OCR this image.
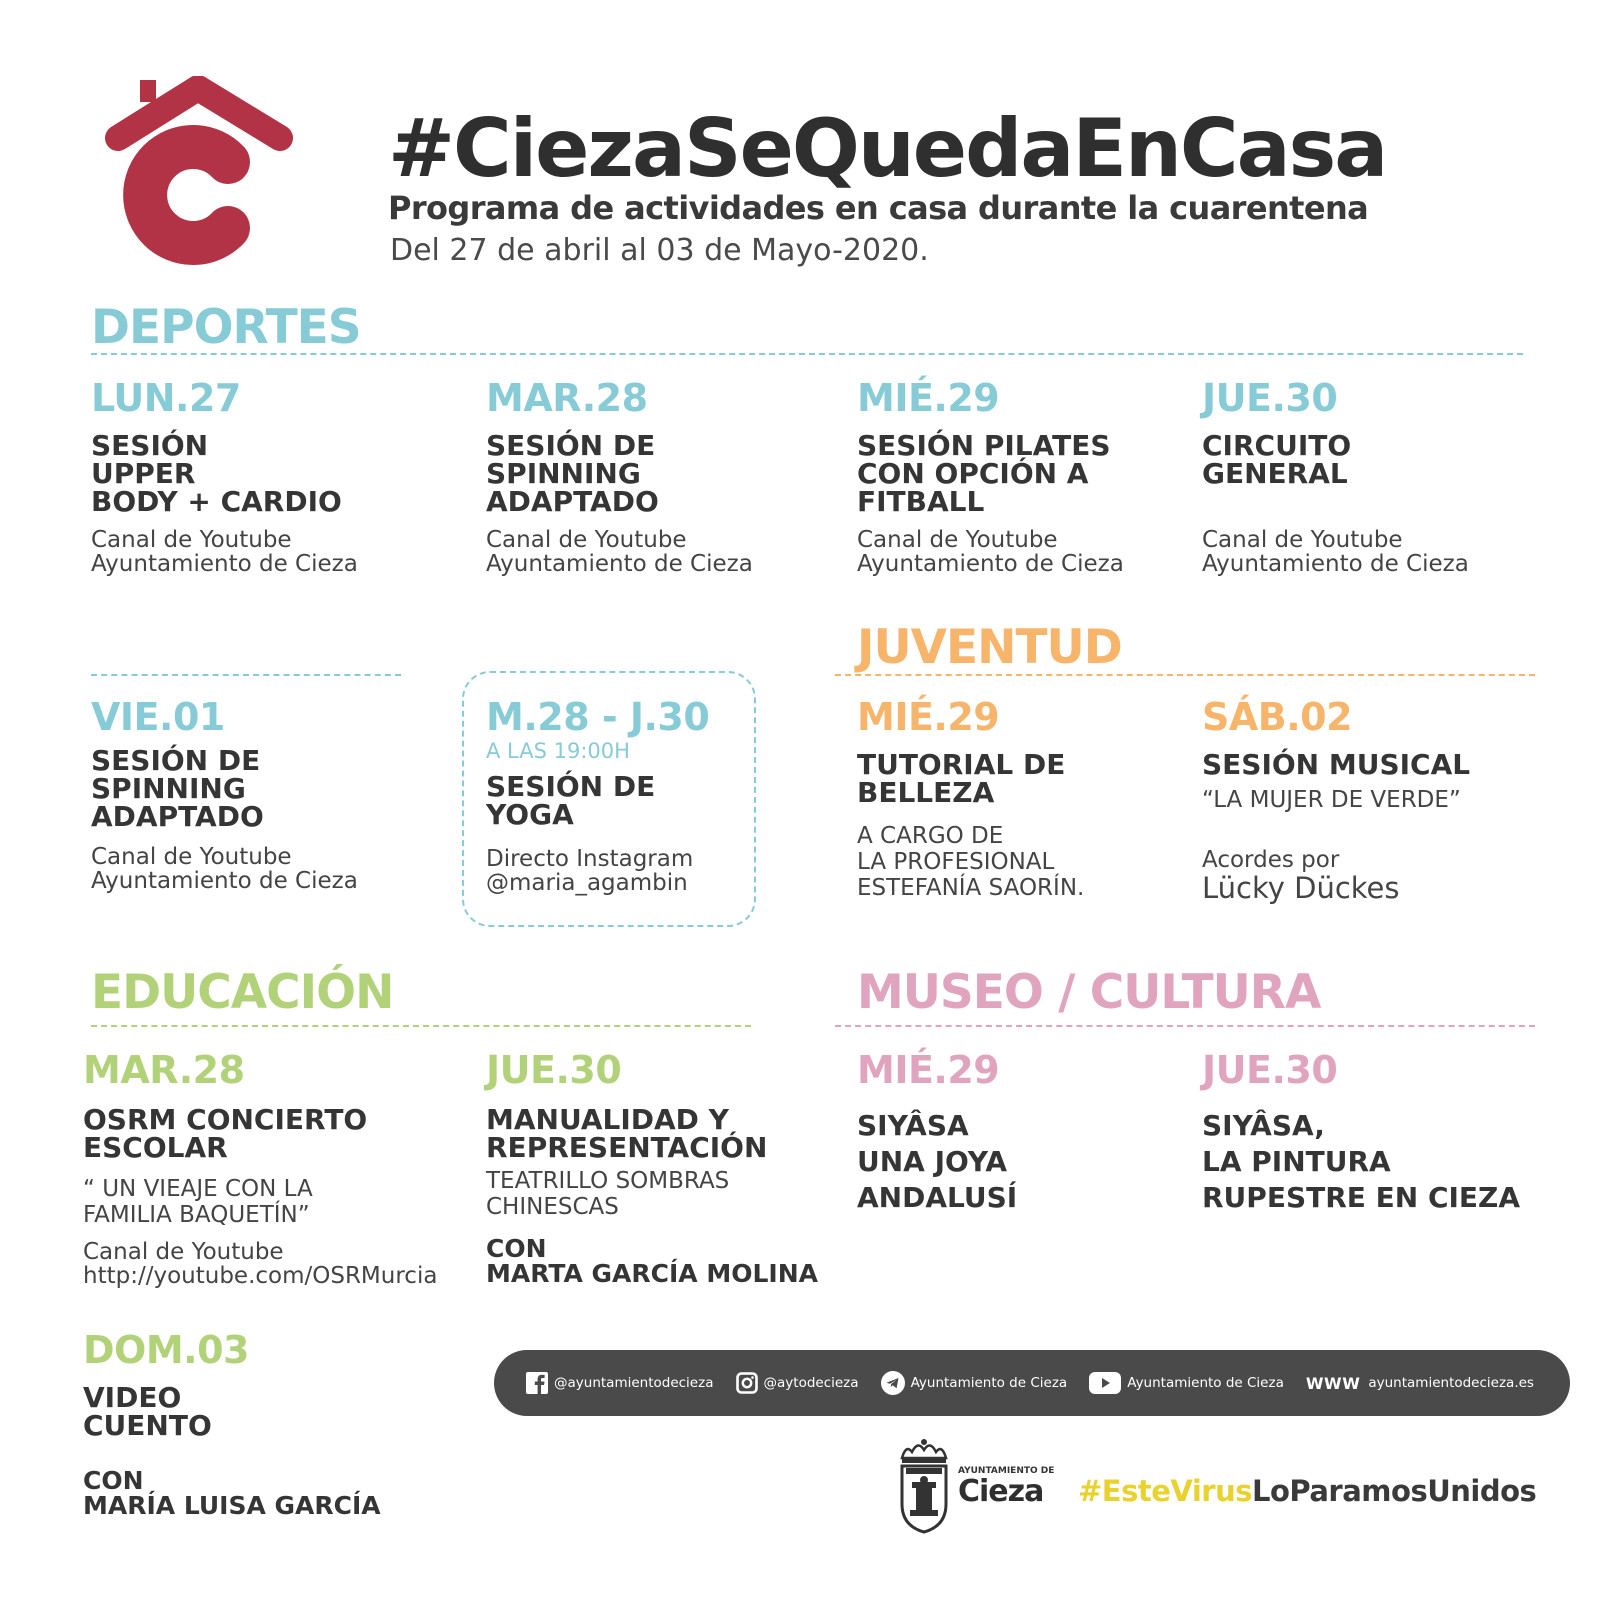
#CiezaSeQuedaEnCasa
Programa de actividades en casa durante la cuarentena
Del 27 de abril al 03 de Mayo-2020.
DEPORTES
LUN.27
SESIÓN
UPPER
BODY + CARDIO
Canal de Youtube
Ayuntamiento de Cieza
MAR.28
SESIÓN DE
SPINNING
ADAPTADO
Canal de Youtube
Ayuntamiento de Cieza
MIÉ.29
SESIÓN PILATES
CON OPCIÓN A
FITBALL
Canal de Youtube
Ayuntamiento de Cieza
JUE.30
CIRCUITO
GENERAL
Canal de Youtube
Ayuntamiento de Cieza
VIE.01
SESIÓN DE
SPINNING
ADAPTADO
Canal de Youtube
Ayuntamiento de Cieza
M.28 - J.30
A LAS 19:00H
SESIÓN DE
YOGA
Directo Instagram
@maria_agambin
JUVENTUD
MIÉ.29
TUTORIAL DE
BELLEZA
A CARGO DE
LA PROFESIONAL
ESTEFANÍA SAORÍN.
SÁB.02
SESIÓN MUSICAL
“LA MUJER DE VERDE”
Acordes por
Lücky Dückes
EDUCACIÓN
MAR.28
OSRM CONCIERTO
ESCOLAR
“ UN VIEAJE CON LA
FAMILIA BAQUETÍN”
Canal de Youtube
http://youtube.com/OSRMurcia
JUE.30
MANUALIDAD Y
REPRESENTACIÓN
TEATRILLO SOMBRAS
CHINESCAS
CON
MARTA GARCÍA MOLINA
DOM.03
VIDEO
CUENTO
CON
MARÍA LUISA GARCÍA
MUSEO / CULTURA
MIÉ.29
SIYÂSA
UNA JOYA
ANDALUSÍ
JUE.30
SIYÂSA,
LA PINTURA
RUPESTRE EN CIEZA
@ayuntamientodecieza	@aytodecieza	Ayuntamiento de Cieza	Ayuntamiento de Cieza WWW ayuntamientodecieza.es
AYUNTAMIENTO DE
Cieza #EsteVirusLoParamosUnidos
